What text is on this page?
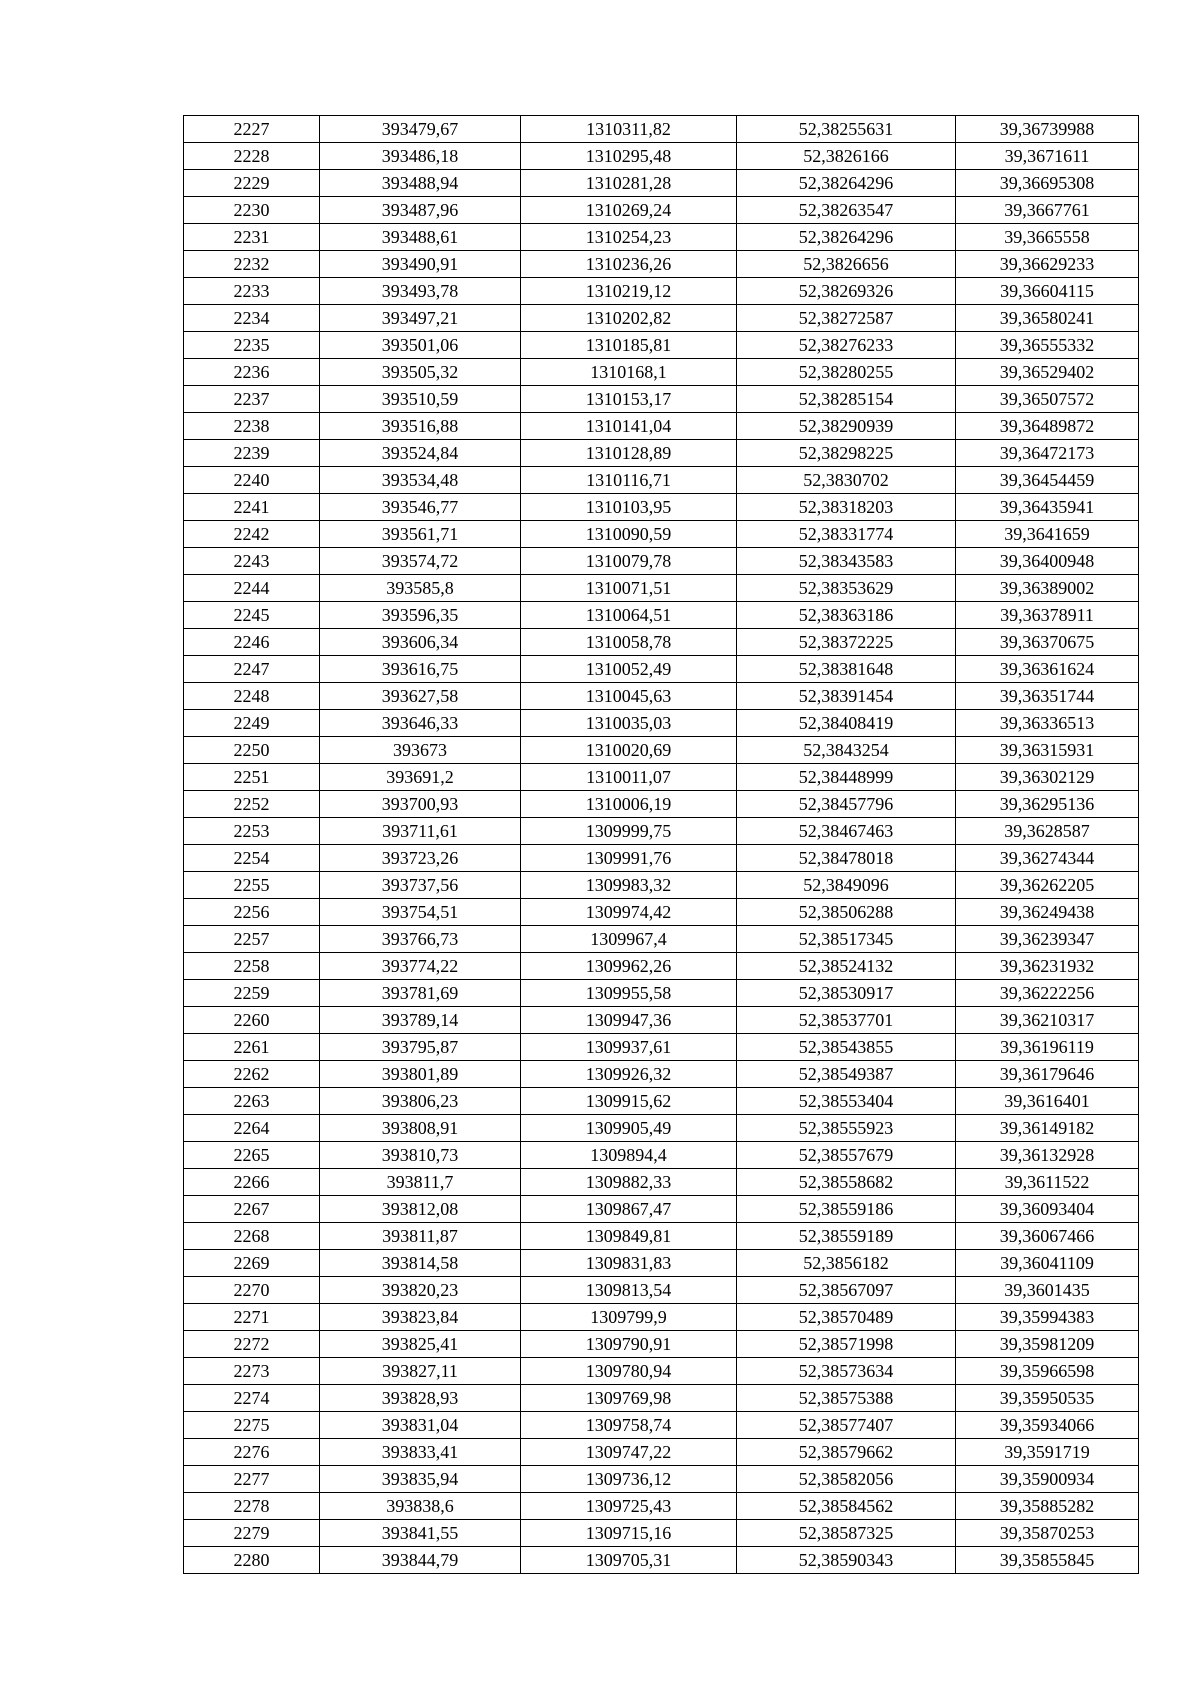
2227	393479,67	1310311,82	52,38255631	39,36739988
2228	393486,18	1310295,48	52,3826166	39,3671611
2229	393488,94	1310281,28	52,38264296	39,36695308
2230	393487,96	1310269,24	52,38263547	39,3667761
2231	393488,61	1310254,23	52,38264296	39,3665558
2232	393490,91	1310236,26	52,3826656	39,36629233
2233	393493,78	1310219,12	52,38269326	39,36604115
2234	393497,21	1310202,82	52,38272587	39,36580241
2235	393501,06	1310185,81	52,38276233	39,36555332
2236	393505,32	1310168,1	52,38280255	39,36529402
2237	393510,59	1310153,17	52,38285154	39,36507572
2238	393516,88	1310141,04	52,38290939	39,36489872
2239	393524,84	1310128,89	52,38298225	39,36472173
2240	393534,48	1310116,71	52,3830702	39,36454459
2241	393546,77	1310103,95	52,38318203	39,36435941
2242	393561,71	1310090,59	52,38331774	39,3641659
2243	393574,72	1310079,78	52,38343583	39,36400948
2244	393585,8	1310071,51	52,38353629	39,36389002
2245	393596,35	1310064,51	52,38363186	39,36378911
2246	393606,34	1310058,78	52,38372225	39,36370675
2247	393616,75	1310052,49	52,38381648	39,36361624
2248	393627,58	1310045,63	52,38391454	39,36351744
2249	393646,33	1310035,03	52,38408419	39,36336513
2250	393673	1310020,69	52,3843254	39,36315931
2251	393691,2	1310011,07	52,38448999	39,36302129
2252	393700,93	1310006,19	52,38457796	39,36295136
2253	393711,61	1309999,75	52,38467463	39,3628587
2254	393723,26	1309991,76	52,38478018	39,36274344
2255	393737,56	1309983,32	52,3849096	39,36262205
2256	393754,51	1309974,42	52,38506288	39,36249438
2257	393766,73	1309967,4	52,38517345	39,36239347
2258	393774,22	1309962,26	52,38524132	39,36231932
2259	393781,69	1309955,58	52,38530917	39,36222256
2260	393789,14	1309947,36	52,38537701	39,36210317
2261	393795,87	1309937,61	52,38543855	39,36196119
2262	393801,89	1309926,32	52,38549387	39,36179646
2263	393806,23	1309915,62	52,38553404	39,3616401
2264	393808,91	1309905,49	52,38555923	39,36149182
2265	393810,73	1309894,4	52,38557679	39,36132928
2266	393811,7	1309882,33	52,38558682	39,3611522
2267	393812,08	1309867,47	52,38559186	39,36093404
2268	393811,87	1309849,81	52,38559189	39,36067466
2269	393814,58	1309831,83	52,3856182	39,36041109
2270	393820,23	1309813,54	52,38567097	39,3601435
2271	393823,84	1309799,9	52,38570489	39,35994383
2272	393825,41	1309790,91	52,38571998	39,35981209
2273	393827,11	1309780,94	52,38573634	39,35966598
2274	393828,93	1309769,98	52,38575388	39,35950535
2275	393831,04	1309758,74	52,38577407	39,35934066
2276	393833,41	1309747,22	52,38579662	39,3591719
2277	393835,94	1309736,12	52,38582056	39,35900934
2278	393838,6	1309725,43	52,38584562	39,35885282
2279	393841,55	1309715,16	52,38587325	39,35870253
2280	393844,79	1309705,31	52,38590343	39,35855845
